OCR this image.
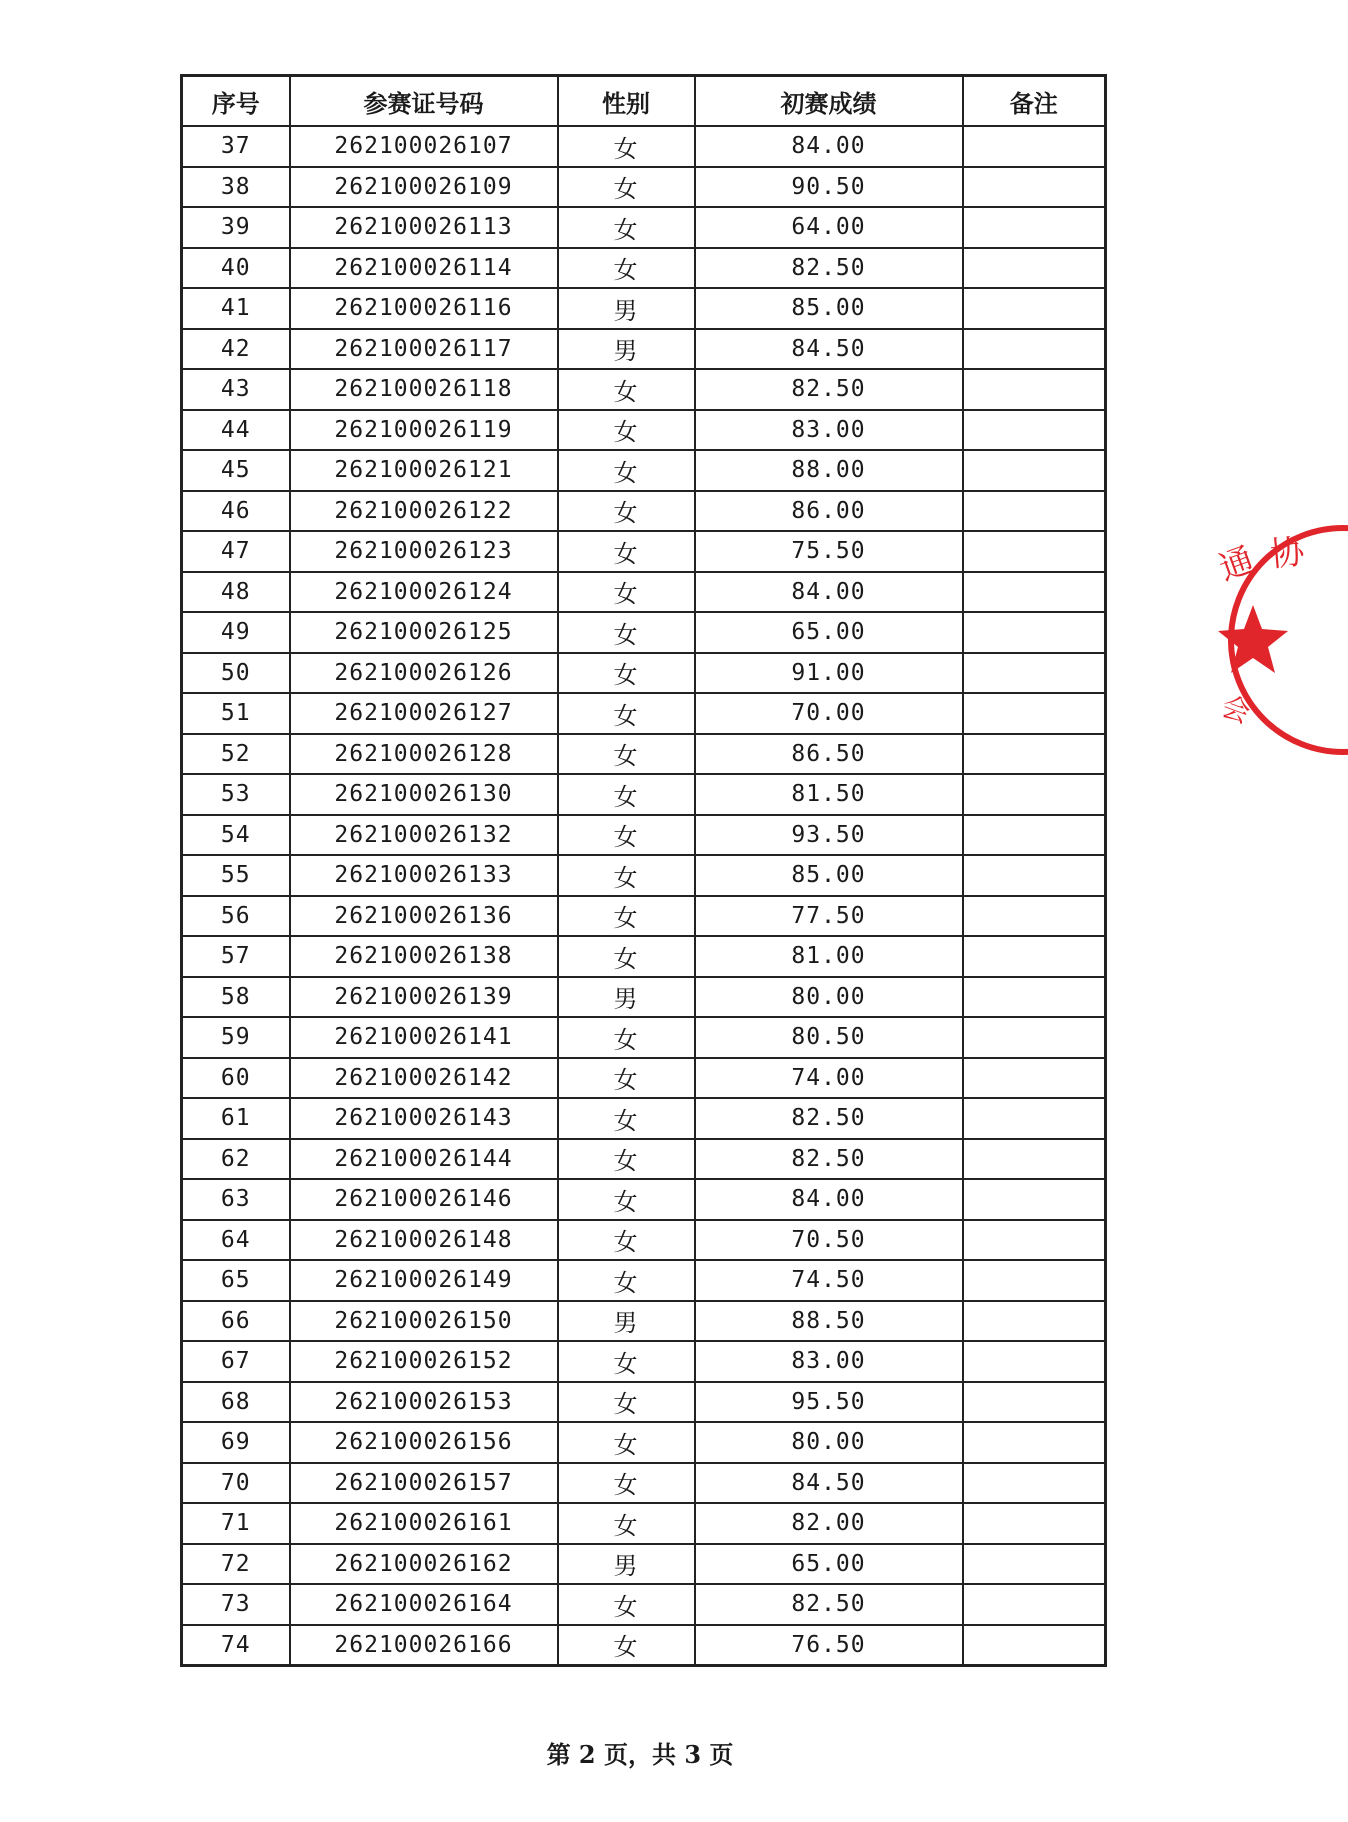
序号	参赛证号码	性别	初赛成绩	备注
37	262100026107	女	84.00	
38	262100026109	女	90.50	
39	262100026113	女	64.00	
40	262100026114	女	82.50	
41	262100026116	男	85.00	
42	262100026117	男	84.50	
43	262100026118	女	82.50	
44	262100026119	女	83.00	
45	262100026121	女	88.00	
46	262100026122	女	86.00	
47	262100026123	女	75.50	
48	262100026124	女	84.00	
49	262100026125	女	65.00	
50	262100026126	女	91.00	
51	262100026127	女	70.00	
52	262100026128	女	86.50	
53	262100026130	女	81.50	
54	262100026132	女	93.50	
55	262100026133	女	85.00	
56	262100026136	女	77.50	
57	262100026138	女	81.00	
58	262100026139	男	80.00	
59	262100026141	女	80.50	
60	262100026142	女	74.00	
61	262100026143	女	82.50	
62	262100026144	女	82.50	
63	262100026146	女	84.00	
64	262100026148	女	70.50	
65	262100026149	女	74.50	
66	262100026150	男	88.50	
67	262100026152	女	83.00	
68	262100026153	女	95.50	
69	262100026156	女	80.00	
70	262100026157	女	84.50	
71	262100026161	女	82.00	
72	262100026162	男	65.00	
73	262100026164	女	82.50	
74	262100026166	女	76.50	
第 2 页，共 3 页
通 协
会
